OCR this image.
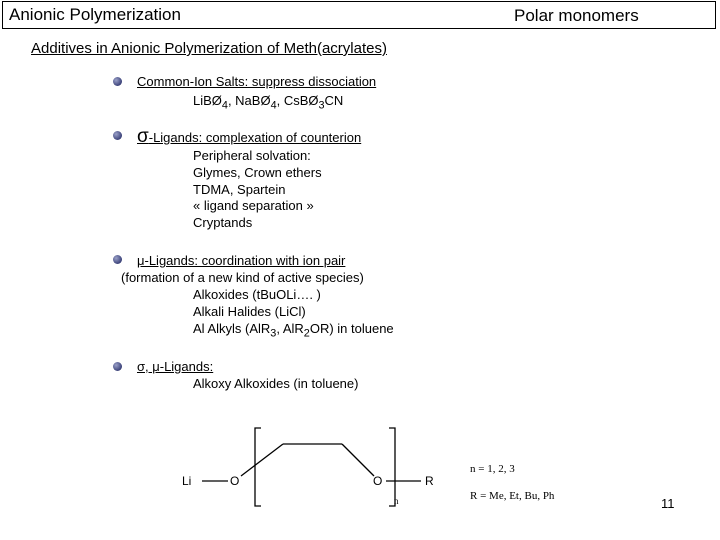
Anionic Polymerization	Polar monomers
Additives in Anionic Polymerization of Meth(acrylates)
Common-Ion Salts: suppress dissociation
LiBØ$_4$, NaBØ$_4$, CsBØ$_3$CN
σ-Ligands: complexation of counterion
Peripheral solvation:
Glymes, Crown ethers
TDMA, Spartein
« ligand separation »
Cryptands
μ-Ligands: coordination with ion pair
(formation of a new kind of active species)
Alkoxides (tBuOLi…. )
Alkali Halides (LiCl)
Al Alkyls (AlR$_3$, AlR$_2$OR) in toluene
σ, μ-Ligands:
Alkoxy Alkoxides (in toluene)
Li	O	O	R
n
n = 1, 2, 3
R = Me, Et, Bu, Ph	11
